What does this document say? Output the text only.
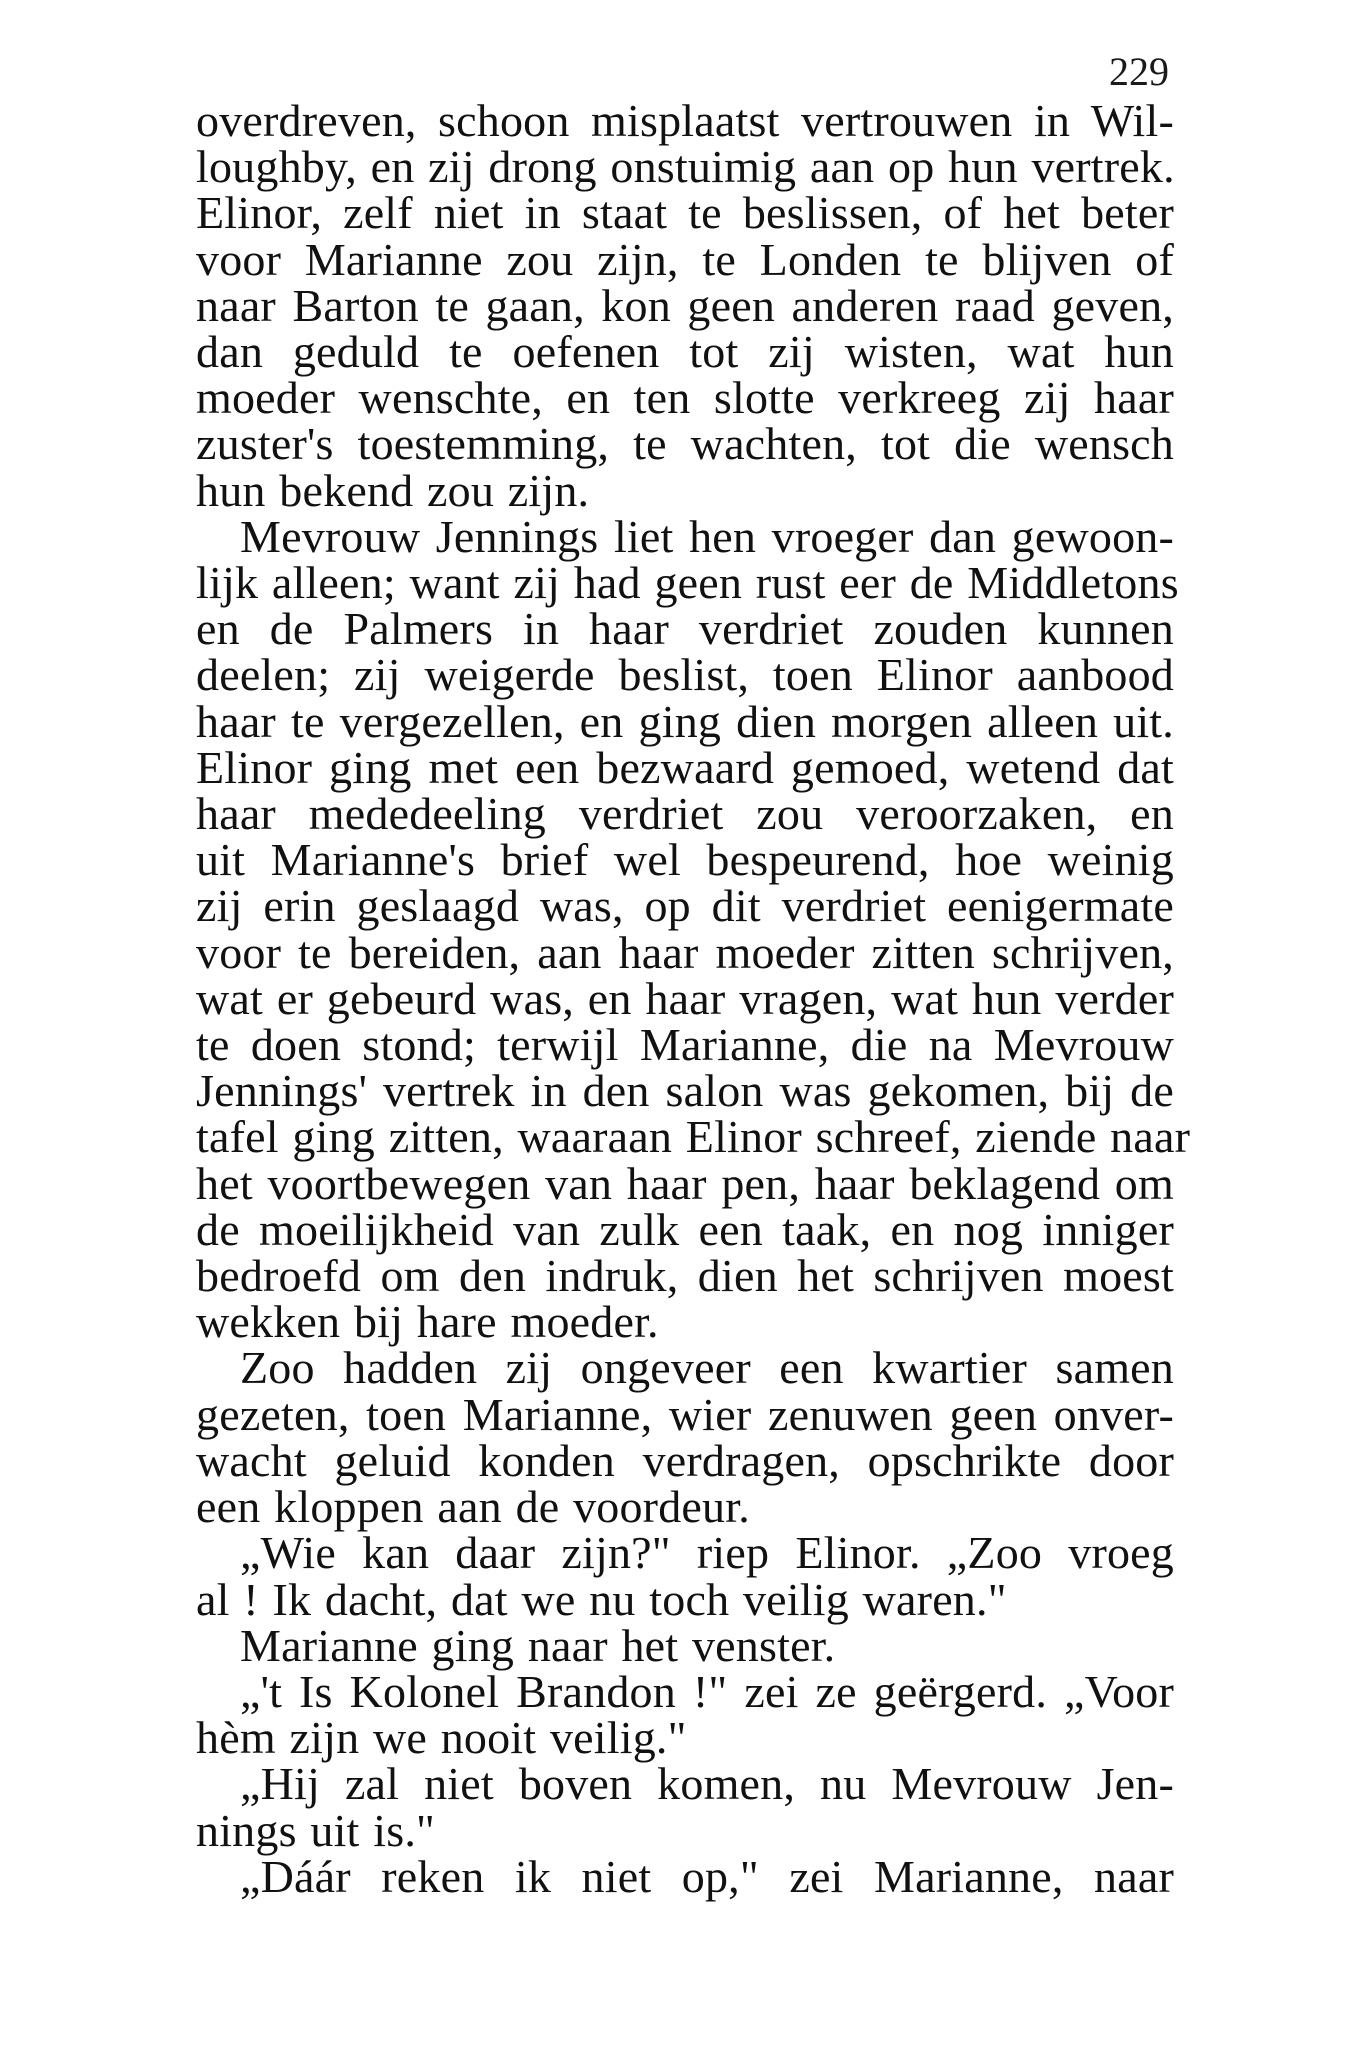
229
overdreven, schoon misplaatst vertrouwen in Wil-
loughby, en zij drong onstuimig aan op hun vertrek.
Elinor, zelf niet in staat te beslissen, of het beter
voor Marianne zou zijn, te Londen te blijven of
naar Barton te gaan, kon geen anderen raad geven,
dan geduld te oefenen tot zij wisten, wat hun
moeder wenschte, en ten slotte verkreeg zij haar
zuster's toestemming, te wachten, tot die wensch
hun bekend zou zijn.
Mevrouw Jennings liet hen vroeger dan gewoon-
lijk alleen; want zij had geen rust eer de Middletons
en de Palmers in haar verdriet zouden kunnen
deelen; zij weigerde beslist, toen Elinor aanbood
haar te vergezellen, en ging dien morgen alleen uit.
Elinor ging met een bezwaard gemoed, wetend dat
haar mededeeling verdriet zou veroorzaken, en
uit Marianne's brief wel bespeurend, hoe weinig
zij erin geslaagd was, op dit verdriet eenigermate
voor te bereiden, aan haar moeder zitten schrijven,
wat er gebeurd was, en haar vragen, wat hun verder
te doen stond; terwijl Marianne, die na Mevrouw
Jennings' vertrek in den salon was gekomen, bij de
tafel ging zitten, waaraan Elinor schreef, ziende naar
het voortbewegen van haar pen, haar beklagend om
de moeilijkheid van zulk een taak, en nog inniger
bedroefd om den indruk, dien het schrijven moest
wekken bij hare moeder.
Zoo hadden zij ongeveer een kwartier samen
gezeten, toen Marianne, wier zenuwen geen onver-
wacht geluid konden verdragen, opschrikte door
een kloppen aan de voordeur.
„Wie kan daar zijn?" riep Elinor. „Zoo vroeg
al ! Ik dacht, dat we nu toch veilig waren."
Marianne ging naar het venster.
„'t Is Kolonel Brandon !" zei ze geërgerd. „Voor
hèm zijn we nooit veilig."
„Hij zal niet boven komen, nu Mevrouw Jen-
nings uit is."
„Dáár reken ik niet op," zei Marianne, naar
